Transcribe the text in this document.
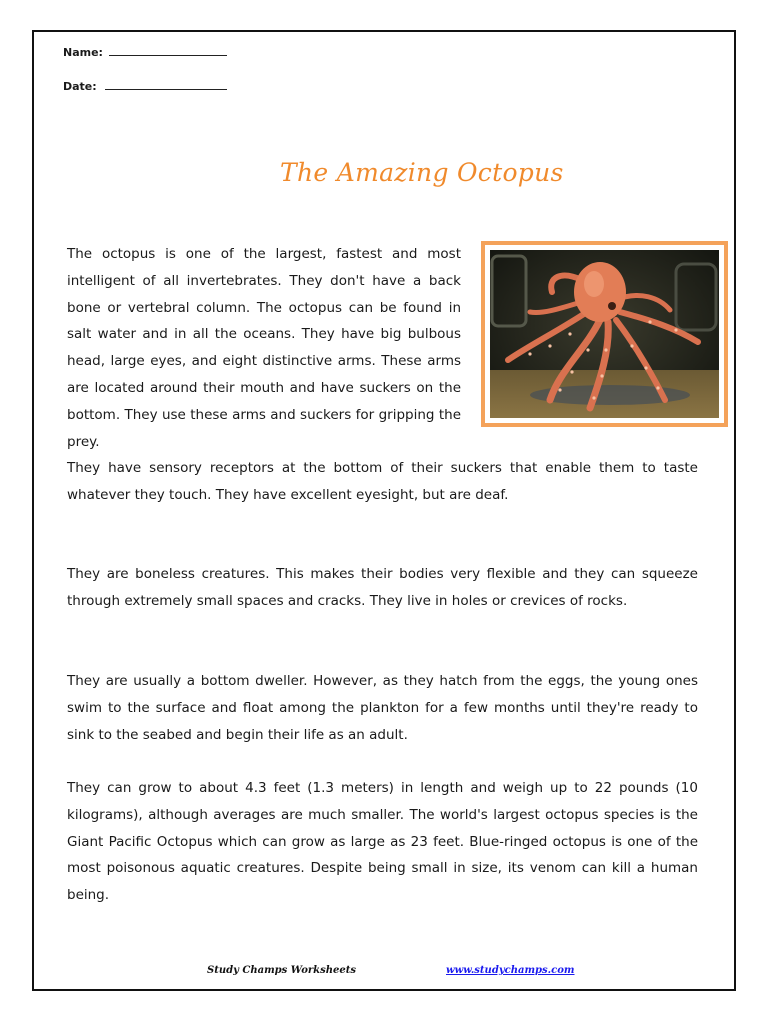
Name:
Date:
The Amazing Octopus

The octopus is one of the largest, fastest and most intelligent of all invertebrates. They don't have a back bone or vertebral column. The octopus can be found in salt water and in all the oceans. They have big bulbous head, large eyes, and eight distinctive arms. These arms are located around their mouth and have suckers on the bottom. They use these arms and suckers for gripping the prey.

They have sensory receptors at the bottom of their suckers that enable them to taste whatever they touch. They have excellent eyesight, but are deaf.

They are boneless creatures. This makes their bodies very flexible and they can squeeze through extremely small spaces and cracks. They live in holes or crevices of rocks.

They are usually a bottom dweller. However, as they hatch from the eggs, the young ones swim to the surface and float among the plankton for a few months until they're ready to sink to the seabed and begin their life as an adult.

They can grow to about 4.3 feet (1.3 meters) in length and weigh up to 22 pounds (10 kilograms), although averages are much smaller. The world's largest octopus species is the Giant Pacific Octopus which can grow as large as 23 feet. Blue-ringed octopus is one of the most poisonous aquatic creatures. Despite being small in size, its venom can kill a human being.

Study Champs Worksheets	www.studychamps.com
